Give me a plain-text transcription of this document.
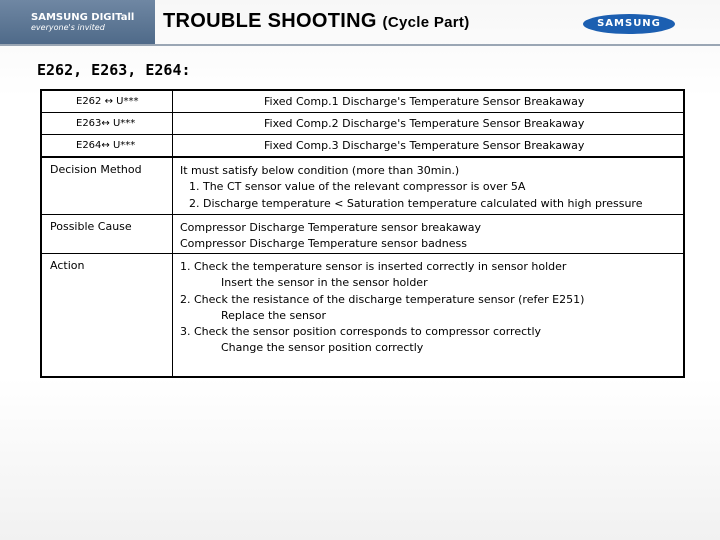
SAMSUNG DIGITall
everyone's invited	TROUBLE SHOOTING (Cycle Part)	SAMSUNG
E262, E263, E264:
E262 ↔ U***	Fixed Comp.1 Discharge's Temperature Sensor Breakaway
E263↔ U***	Fixed Comp.2 Discharge's Temperature Sensor Breakaway
E264↔ U***	Fixed Comp.3 Discharge's Temperature Sensor Breakaway
Decision Method	It must satisfy below condition (more than 30min.)
1. The CT sensor value of the relevant compressor is over 5A
2. Discharge temperature < Saturation temperature calculated with high pressure
Possible Cause	Compressor Discharge Temperature sensor breakaway
Compressor Discharge Temperature sensor badness
Action	1. Check the temperature sensor is inserted correctly in sensor holder
Insert the sensor in the sensor holder
2. Check the resistance of the discharge temperature sensor (refer E251)
Replace the sensor
3. Check the sensor position corresponds to compressor correctly
Change the sensor position correctly
